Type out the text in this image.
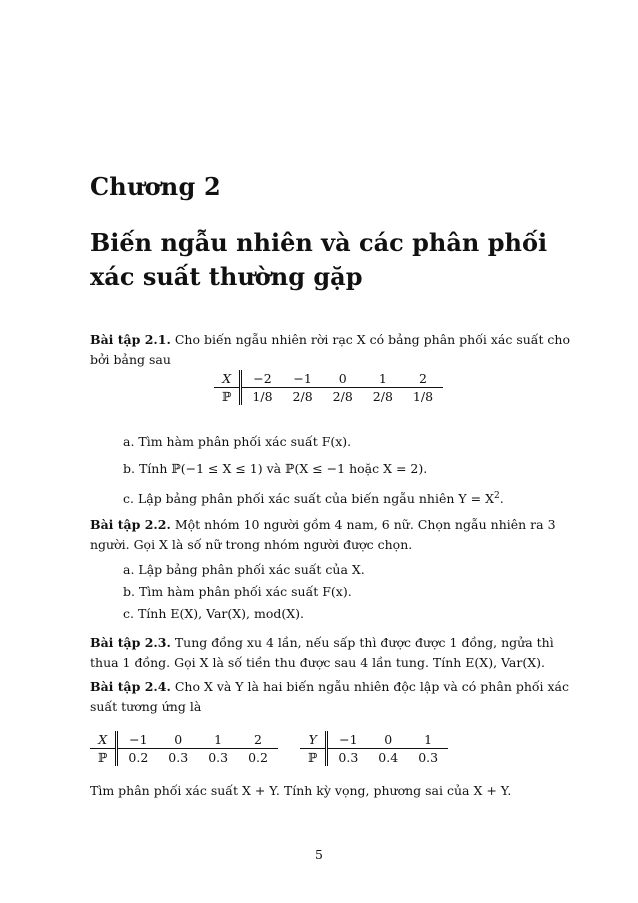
Chương 2
Biến ngẫu nhiên và các phân phối
xác suất thường gặp
Bài tập 2.1. Cho biến ngẫu nhiên rời rạc X có bảng phân phối xác suất cho bởi bảng sau
X	−2	−1	0	1	2
ℙ	1/8	2/8	2/8	2/8	1/8
a. Tìm hàm phân phối xác suất F(x).
b. Tính ℙ(−1 ≤ X ≤ 1) và ℙ(X ≤ −1 hoặc X = 2).
c. Lập bảng phân phối xác suất của biến ngẫu nhiên $Y = X^2$.
Bài tập 2.2. Một nhóm 10 người gồm 4 nam, 6 nữ. Chọn ngẫu nhiên ra 3 người. Gọi X là số nữ trong nhóm người được chọn.
a. Lập bảng phân phối xác suất của X.
b. Tìm hàm phân phối xác suất F(x).
c. Tính E(X), Var(X), mod(X).
Bài tập 2.3. Tung đồng xu 4 lần, nếu sấp thì được được 1 đồng, ngửa thì thua 1 đồng. Gọi X là số tiền thu được sau 4 lần tung. Tính E(X), Var(X).
Bài tập 2.4. Cho X và Y là hai biến ngẫu nhiên độc lập và có phân phối xác suất tương ứng là
X	−1	0	1	2
ℙ	0.2	0.3	0.3	0.2
Y	−1	0	1
ℙ	0.3	0.4	0.3
Tìm phân phối xác suất X + Y. Tính kỳ vọng, phương sai của X + Y.
5
